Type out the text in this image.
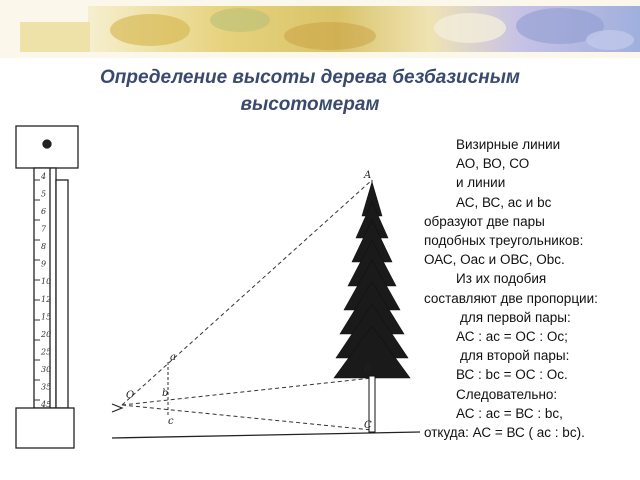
Определение высоты дерева безбазисным
высотомерам
4
5
6
7
8
9
10
12
15
20
25
30
35
45
A
O
a
b
c
B
C
Визирные линии
АО, ВО, СО
и линии
АС, ВС, ас и bc
образуют две пары
подобных треугольников:
ОАС, Оас и ОВС, Оbc.
Из их подобия
составляют две пропорции:
для первой пары:
АС : ас = ОС : Ос;
для второй пары:
ВС : bc = ОС : Ос.
Следовательно:
АС : ас = ВС : bc,
откуда: АС = ВС ( ас : bc).
